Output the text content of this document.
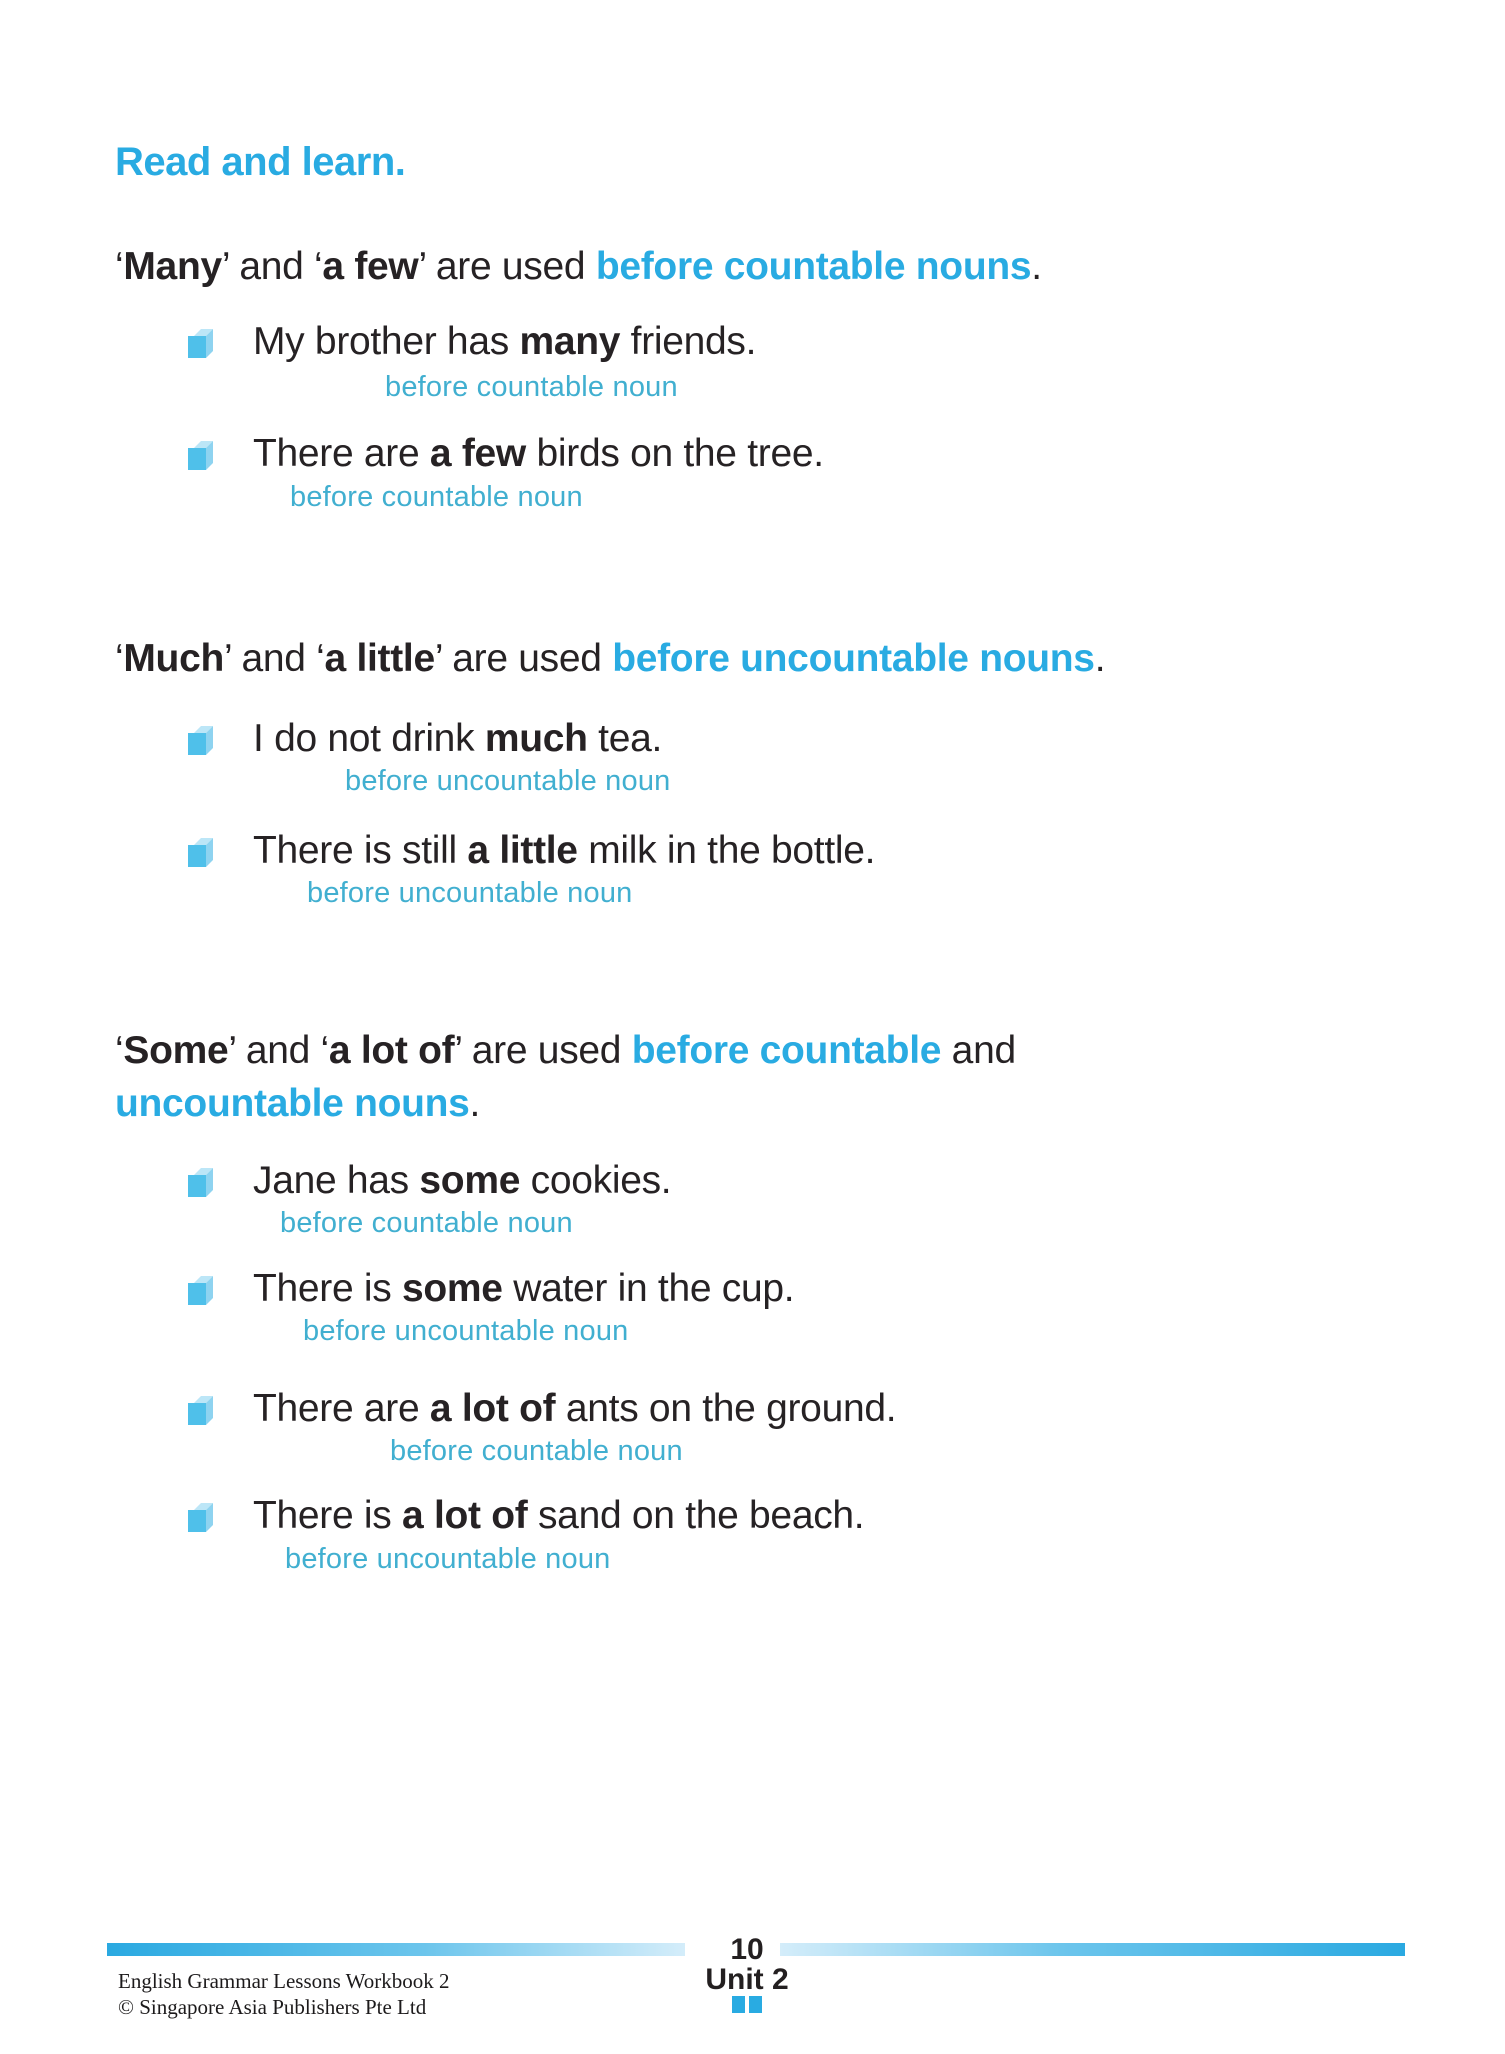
Read and learn.
‘Many’ and ‘a few’ are used before countable nouns.
My brother has many friends.
before countable noun
There are a few birds on the tree.
before countable noun
‘Much’ and ‘a little’ are used before uncountable nouns.
I do not drink much tea.
before uncountable noun
There is still a little milk in the bottle.
before uncountable noun
‘Some’ and ‘a lot of’ are used before countable and
uncountable nouns.
Jane has some cookies.
before countable noun
There is some water in the cup.
before uncountable noun
There are a lot of ants on the ground.
before countable noun
There is a lot of sand on the beach.
before uncountable noun
10
Unit 2
English Grammar Lessons Workbook 2
© Singapore Asia Publishers Pte Ltd
